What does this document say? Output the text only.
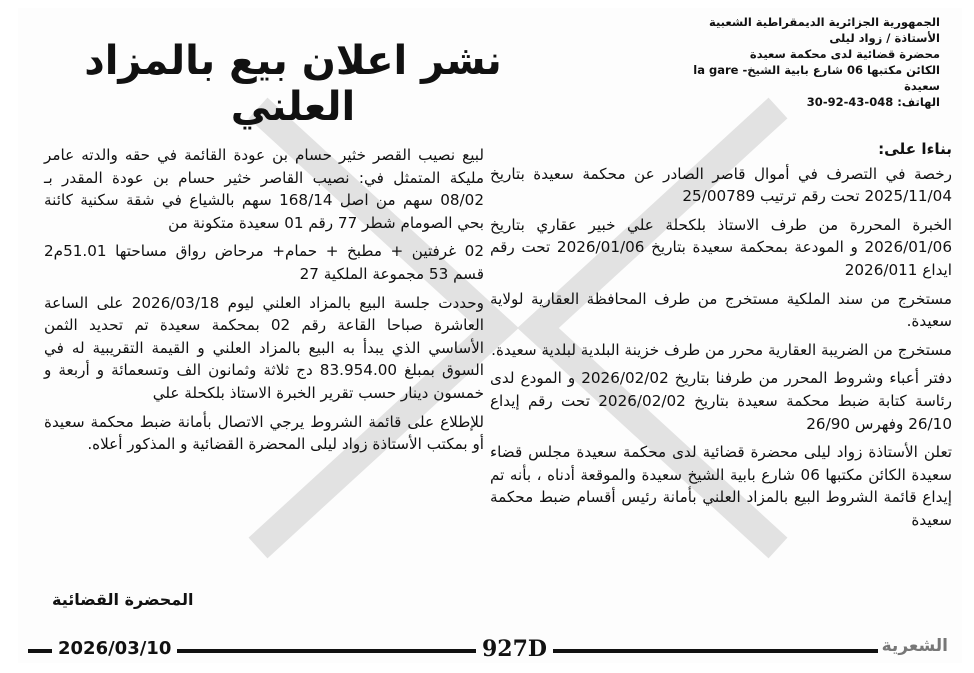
الجمهورية الجزائرية الديمقراطية الشعبية
الأستاذة / زواد ليلى
محضرة قضائية لدى محكمة سعيدة
الكائن مكتبها 06 شارع بابية الشيخ- la gare
سعيدة
الهاتف: 048-43-92-30
نشر اعلان بيع بالمزاد العلني

بناءا على:

رخصة في التصرف في أموال قاصر الصادر عن محكمة سعيدة بتاريخ 2025/11/04 تحت رقم ترتيب 25/00789

الخبرة المحررة من طرف الاستاذ بلكحلة علي خبير عقاري بتاريخ 2026/01/06 و المودعة بمحكمة سعيدة بتاريخ 2026/01/06 تحت رقم ايداع 2026/011

مستخرج من سند الملكية مستخرج من طرف المحافظة العقارية لولاية سعيدة.

مستخرج من الضريبة العقارية محرر من طرف خزينة البلدية لبلدية سعيدة.

دفتر أعباء وشروط المحرر من طرفنا بتاريخ 2026/02/02 و المودع لدى رئاسة كتابة ضبط محكمة سعيدة بتاريخ 2026/02/02 تحت رقم إيداع 26/10 وفهرس 26/90

تعلن الأستاذة زواد ليلى محضرة قضائية لدى محكمة سعيدة مجلس قضاء سعيدة الكائن مكتبها 06 شارع بابية الشيخ سعيدة والموقعة أدناه ، بأنه تم إيداع قائمة الشروط البيع بالمزاد العلني بأمانة رئيس أقسام ضبط محكمة سعيدة

لبيع نصيب القصر خثير حسام بن عودة القائمة في حقه والدته عامر مليكة المتمثل في: نصيب القاصر خثير حسام بن عودة المقدر بـ 08/02 سهم من اصل 168/14 سهم بالشياع في شقة سكنية كائنة بحي الصومام شطر 77 رقم 01 سعيدة متكونة من

02 غرفتين + مطبخ + حمام+ مرحاض رواق مساحتها 51.01م2 قسم 53 مجموعة الملكية 27

وحددت جلسة البيع بالمزاد العلني ليوم 2026/03/18 على الساعة العاشرة صباحا القاعة رقم 02 بمحكمة سعيدة تم تحديد الثمن الأساسي الذي يبدأ به البيع بالمزاد العلني و القيمة التقريبية له في السوق بمبلغ 83.954.00 دج ثلاثة وثمانون الف وتسعمائة و أربعة و خمسون دينار حسب تقرير الخبرة الاستاذ بلكحلة علي

للإطلاع على قائمة الشروط يرجي الاتصال بأمانة ضبط محكمة سعيدة أو بمكتب الأستاذة زواد ليلى المحضرة القضائية و المذكور أعلاه.

المحضرة القضائية
2026/03/10	927D	الشعرية
